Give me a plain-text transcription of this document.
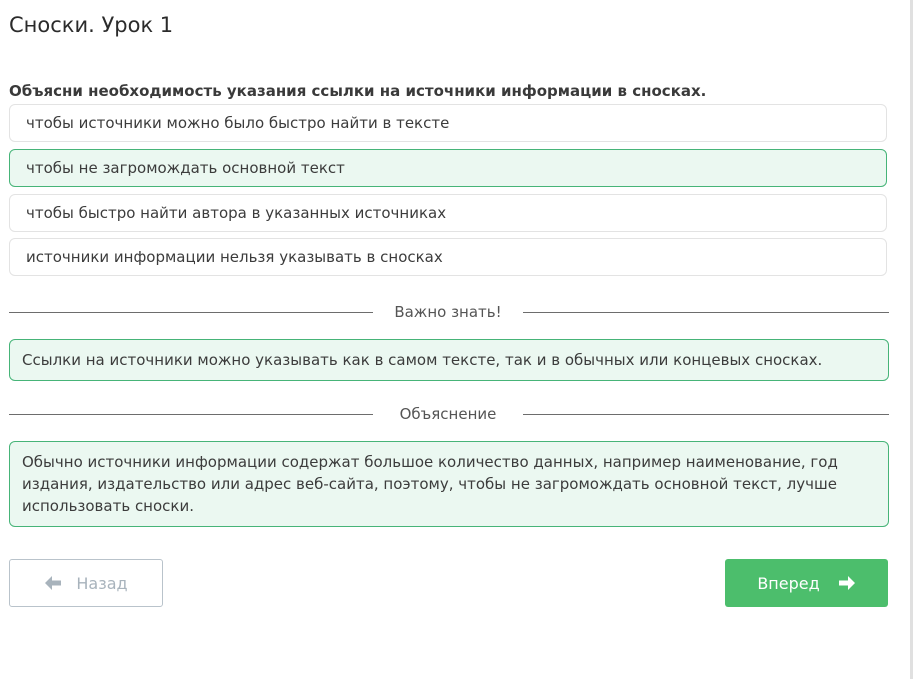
Сноски. Урок 1

Объясни необходимость указания ссылки на источники информации в сносках.

чтобы источники можно было быстро найти в тексте
чтобы не загромождать основной текст
чтобы быстро найти автора в указанных источниках
источники информации нельзя указывать в сносках
Важно знать!
Ссылки на источники можно указывать как в самом тексте, так и в обычных или концевых сносках.
Объяснение
Обычно источники информации содержат большое количество данных, например наименование, год издания, издательство или адрес веб-сайта, поэтому, чтобы не загромождать основной текст, лучше использовать сноски.
Назад	Вперед
